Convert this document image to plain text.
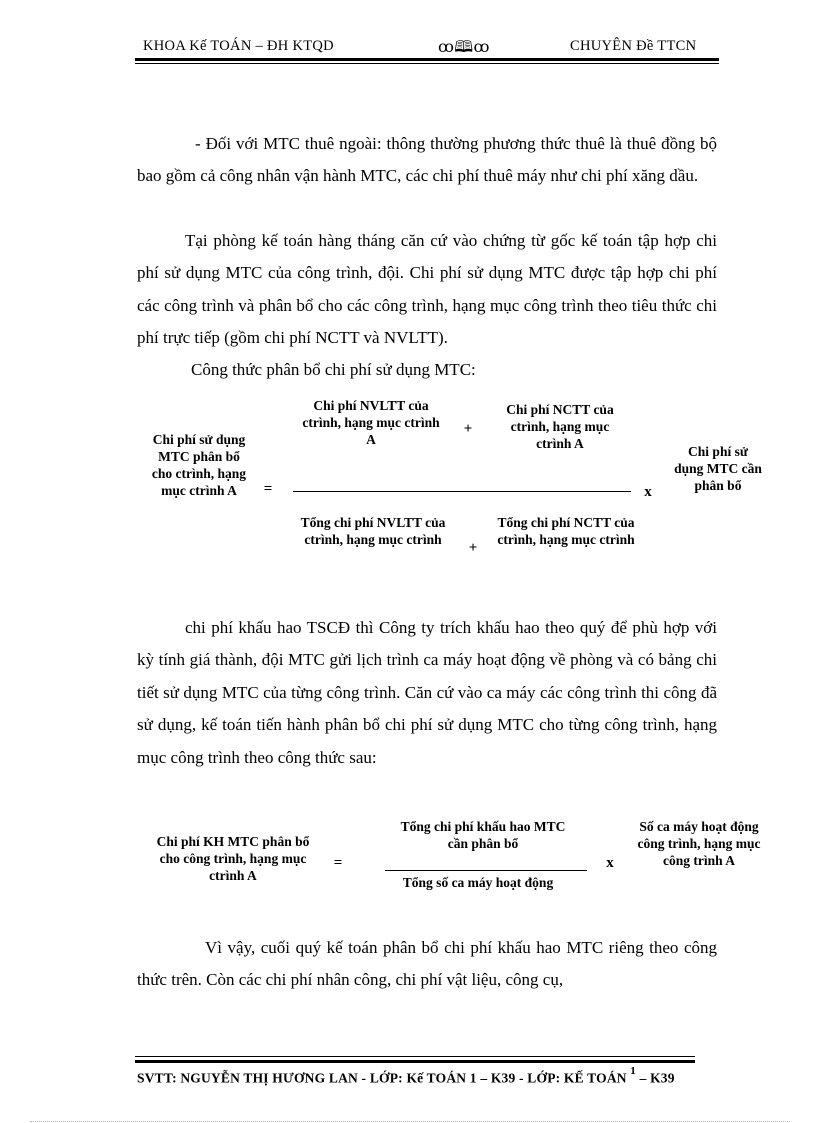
KHOA Kế TOÁN – ĐH KTQD	ꝏ🕮ꝏ	CHUYÊN Đề TTCN

- Đối với MTC thuê ngoài: thông thường phương thức thuê là thuê đồng bộ bao gồm cả công nhân vận hành MTC, các chi phí thuê máy như chi phí xăng dầu.

Tại phòng kế toán hàng tháng căn cứ vào chứng từ gốc kế toán tập hợp chi phí sử dụng MTC của công trình, đội. Chi phí sử dụng MTC được tập hợp chi phí các công trình và phân bổ cho các công trình, hạng mục công trình theo tiêu thức chi phí trực tiếp (gồm chi phí NCTT và NVLTT).

Công thức phân bổ chi phí sử dụng MTC:

Chi phí sử dụng MTC phân bổ cho ctrình, hạng mục ctrình A	=
Chi phí NVLTT của ctrình, hạng mục ctrình A
+
Chi phí NCTT của ctrình, hạng mục ctrình A
x
Tổng chi phí NVLTT của ctrình, hạng mục ctrình
+
Tổng chi phí NCTT của ctrình, hạng mục ctrình
Chi phí sử dụng MTC cần phân bổ

chi phí khấu hao TSCĐ thì Công ty trích khấu hao theo quý để phù hợp với kỳ tính giá thành, đội MTC gửi lịch trình ca máy hoạt động về phòng và có bảng chi tiết sử dụng MTC của từng công trình. Căn cứ vào ca máy các công trình thi công đã sử dụng, kế toán tiến hành phân bổ chi phí sử dụng MTC cho từng công trình, hạng mục công trình theo công thức sau:

Chi phí KH MTC phân bổ cho công trình, hạng mục ctrình A
=
Tổng chi phí khấu hao MTC cần phân bổ
Tổng số ca máy hoạt động
x
Số ca máy hoạt động công trình, hạng mục công trình A

Vì vậy, cuối quý kế toán phân bổ chi phí khấu hao MTC riêng theo công thức trên. Còn các chi phí nhân công, chi phí vật liệu, công cụ,

SVTT: NGUYỄN THỊ HƯƠNG LAN - LỚP: Kế TOÁN 1 – K39 - LỚP: KẾ TOÁN $^1$ – K39
